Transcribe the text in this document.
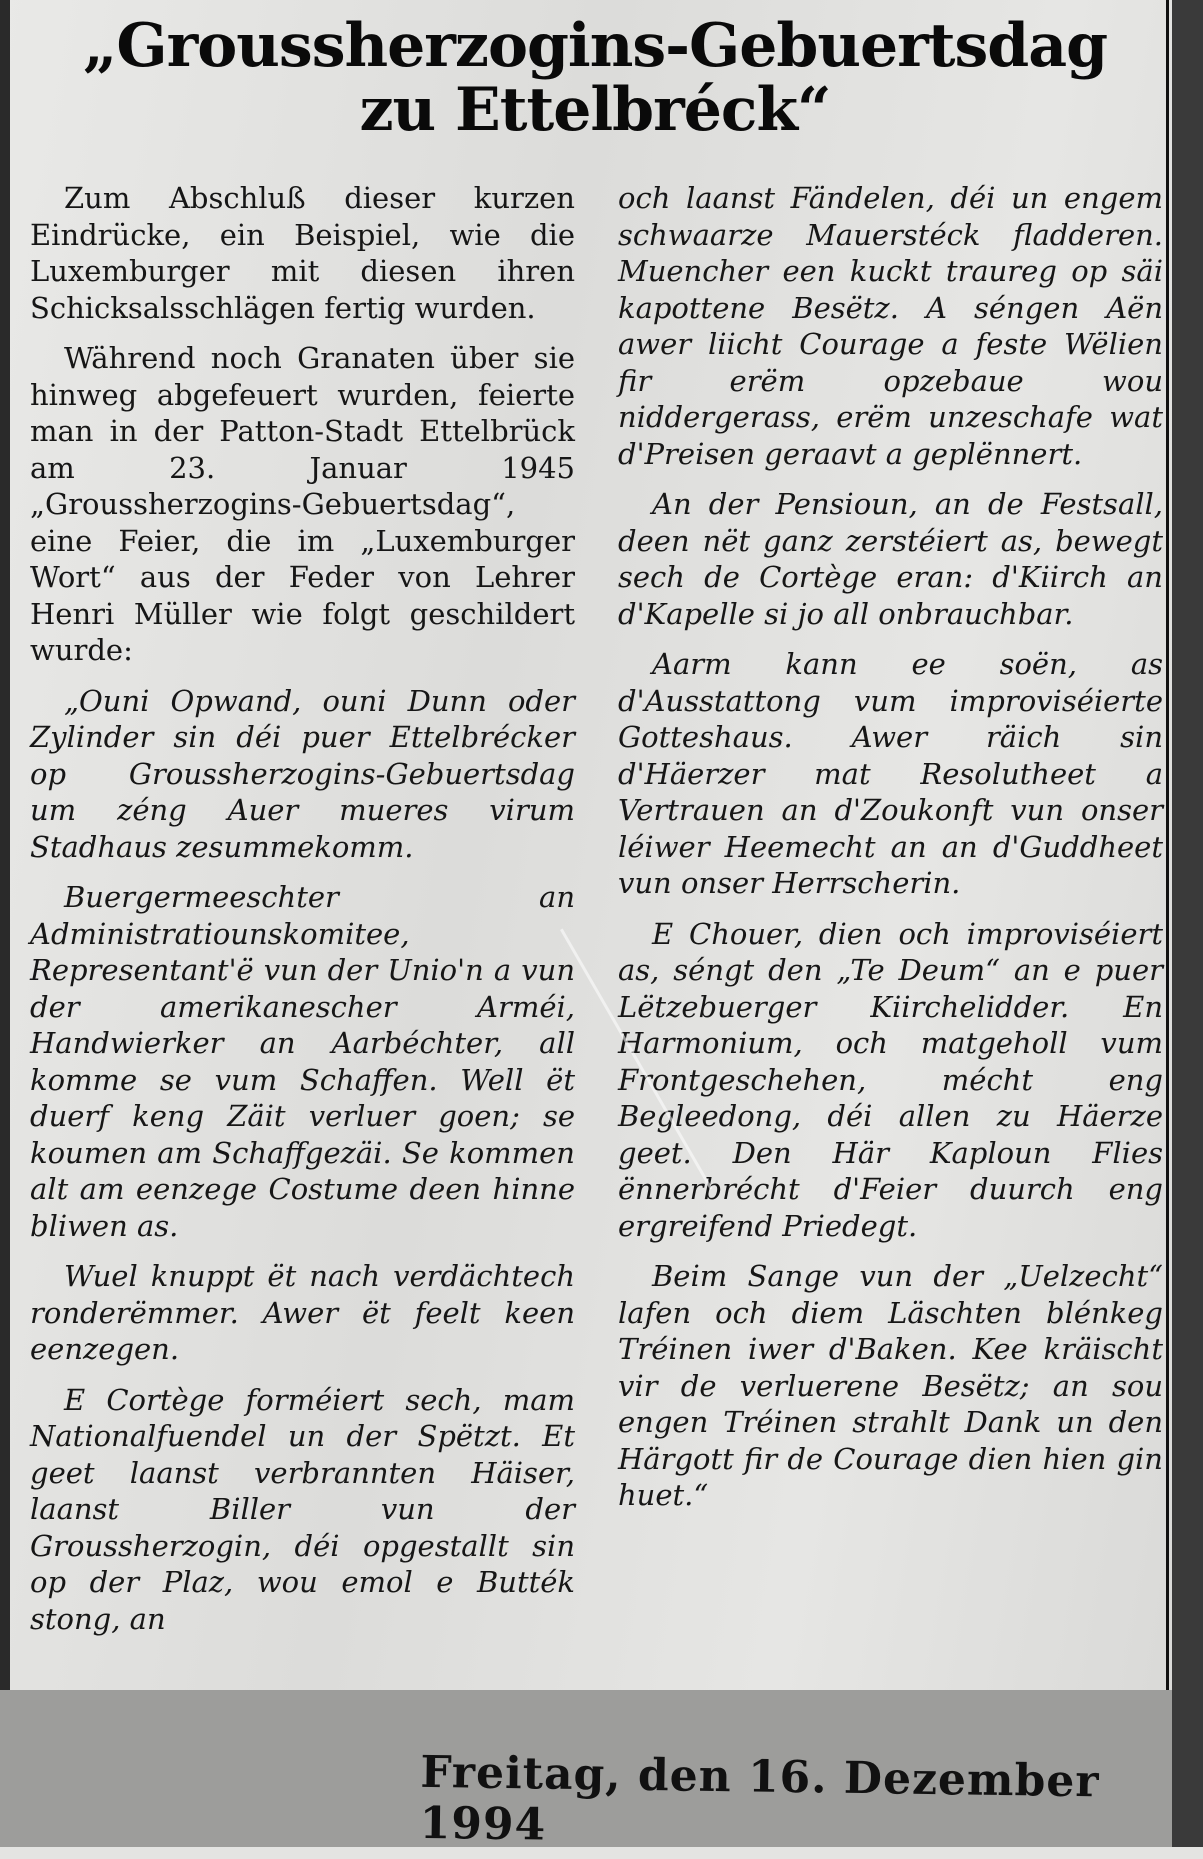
„Groussherzogins-Gebuertsdag
zu Ettelbréck“

Zum Abschluß dieser kurzen Eindrücke, ein Beispiel, wie die Luxemburger mit diesen ihren Schicksalsschlägen fertig wurden.

Während noch Granaten über sie hinweg abgefeuert wurden, feierte man in der Patton-Stadt Ettelbrück am 23. Januar 1945 „Groussherzogins-Gebuertsdag“, eine Feier, die im „Luxemburger Wort“ aus der Feder von Lehrer Henri Müller wie folgt geschildert wurde:

„Ouni Opwand, ouni Dunn oder Zylinder sin déi puer Ettelbrécker op Groussherzogins-Gebuertsdag um zéng Auer mueres virum Stadhaus zesummekomm.

Buergermeeschter an Administratiounskomitee, Representant'ë vun der Unio'n a vun der amerikanescher Arméi, Handwierker an Aarbéchter, all komme se vum Schaffen. Well ët duerf keng Zäit verluer goen; se koumen am Schaffgezäi. Se kommen alt am eenzege Costume deen hinne bliwen as.

Wuel knuppt ët nach verdächtech ronderëmmer. Awer ët feelt keen eenzegen.

E Cortège forméiert sech, mam Nationalfuendel un der Spëtzt. Et geet laanst verbrannten Häiser, laanst Biller vun der Groussherzogin, déi opgestallt sin op der Plaz, wou emol e Butték stong, an

och laanst Fändelen, déi un engem schwaarze Mauerstéck fladderen. Muencher een kuckt traureg op säi kapottene Besëtz. A séngen Aën awer liicht Courage a feste Wëlien fir erëm opzebaue wou niddergerass, erëm unzeschafe wat d'Preisen geraavt a geplënnert.

An der Pensioun, an de Festsall, deen nët ganz zerstéiert as, bewegt sech de Cortège eran: d'Kiirch an d'Kapelle si jo all onbrauchbar.

Aarm kann ee soën, as d'Ausstattong vum improviséierte Gotteshaus. Awer räich sin d'Häerzer mat Resolutheet a Vertrauen an d'Zoukonft vun onser léiwer Heemecht an an d'Guddheet vun onser Herrscherin.

E Chouer, dien och improviséiert as, séngt den „Te Deum“ an e puer Lëtzebuerger Kiirchelidder. En Harmonium, och matgeholl vum Frontgeschehen, mécht eng Begleedong, déi allen zu Häerze geet. Den Här Kaploun Flies ënnerbrécht d'Feier duurch eng ergreifend Priedegt.

Beim Sange vun der „Uelzecht“ lafen och diem Läschten blénkeg Tréinen iwer d'Baken. Kee kräischt vir de verluerene Besëtz; an sou engen Tréinen strahlt Dank un den Härgott fir de Courage dien hien gin huet.“

Freitag, den 16. Dezember 1994
